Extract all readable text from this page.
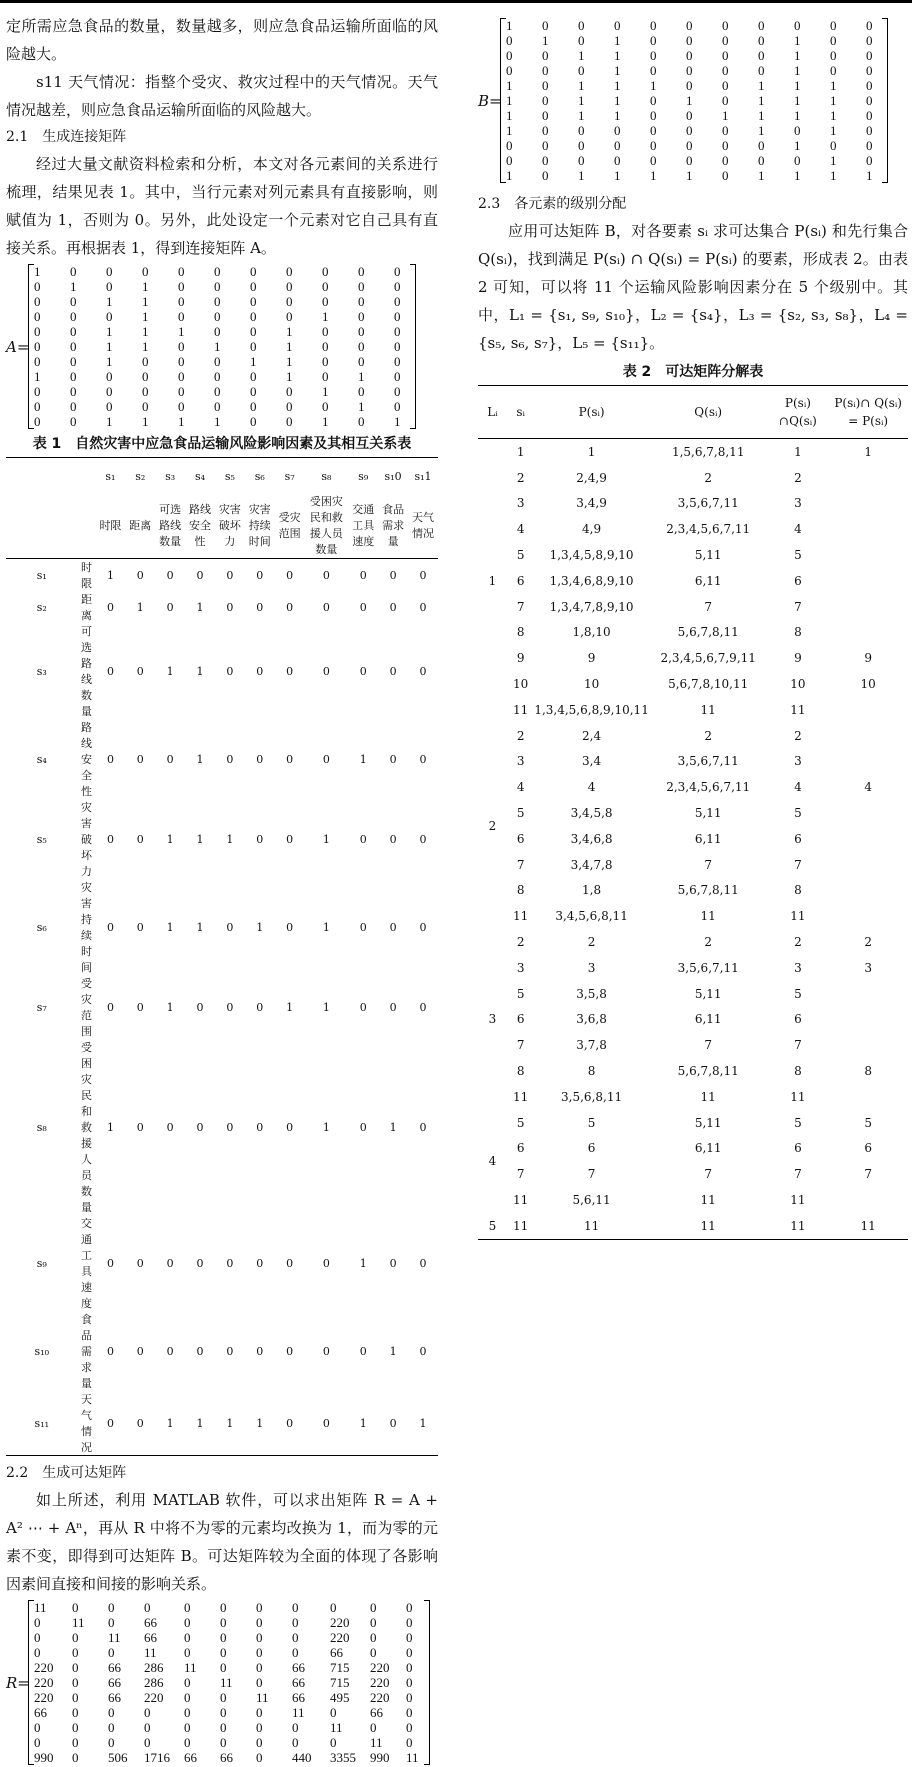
定所需应急食品的数量，数量越多，则应急食品运输所面临的风险越大。

s11 天气情况：指整个受灾、救灾过程中的天气情况。天气情况越差，则应急食品运输所面临的风险越大。

2.1　生成连接矩阵

经过大量文献资料检索和分析，本文对各元素间的关系进行梳理，结果见表 1。其中，当行元素对列元素具有直接影响，则赋值为 1，否则为 0。另外，此处设定一个元素对它自己具有直接关系。再根据表 1，得到连接矩阵 A。

A=
1	0	0	0	0	0	0	0	0	0	0
0	1	0	1	0	0	0	0	0	0	0
0	0	1	1	0	0	0	0	0	0	0
0	0	0	1	0	0	0	0	1	0	0
0	0	1	1	1	0	0	1	0	0	0
0	0	1	1	0	1	0	1	0	0	0
0	0	1	0	0	0	1	1	0	0	0
1	0	0	0	0	0	0	1	0	1	0
0	0	0	0	0	0	0	0	1	0	0
0	0	0	0	0	0	0	0	0	1	0
0	0	1	1	1	1	0	0	1	0	1
表 1　自然灾害中应急食品运输风险影响因素及其相互关系表
		s₁	s₂	s₃	s₄	s₅	s₆	s₇	s₈	s₉	s₁0	s₁1
		时限	距离	可选路线数量	路线安全性	灾害破坏力	灾害持续时间	受灾范围	受困灾民和救援人员数量	交通工具速度	食品需求量	天气情况
s₁	时限	1	0	0	0	0	0	0	0	0	0	0
s₂	距离	0	1	0	1	0	0	0	0	0	0	0
s₃	可选路线数量	0	0	1	1	0	0	0	0	0	0	0
s₄	路线安全性	0	0	0	1	0	0	0	0	1	0	0
s₅	灾害破坏力	0	0	1	1	1	0	0	1	0	0	0
s₆	灾害持续时间	0	0	1	1	0	1	0	1	0	0	0
s₇	受灾范围	0	0	1	0	0	0	1	1	0	0	0
s₈	受困灾民和救援人员数量	1	0	0	0	0	0	0	1	0	1	0
s₉	交通工具速度	0	0	0	0	0	0	0	0	1	0	0
s₁₀	食品需求量	0	0	0	0	0	0	0	0	0	1	0
s₁₁	天气情况	0	0	1	1	1	1	0	0	1	0	1
2.2　生成可达矩阵

如上所述，利用 MATLAB 软件，可以求出矩阵 R = A + A² ⋯ + Aⁿ，再从 R 中将不为零的元素均改换为 1，而为零的元素不变，即得到可达矩阵 B。可达矩阵较为全面的体现了各影响因素间直接和间接的影响关系。

R=
11	0	0	0	0	0	0	0	0	0	0
0	11	0	66	0	0	0	0	220	0	0
0	0	11	66	0	0	0	0	220	0	0
0	0	0	11	0	0	0	0	66	0	0
220	0	66	286	11	0	0	66	715	220	0
220	0	66	286	0	11	0	66	715	220	0
220	0	66	220	0	0	11	66	495	220	0
66	0	0	0	0	0	0	11	0	66	0
0	0	0	0	0	0	0	0	11	0	0
0	0	0	0	0	0	0	0	0	11	0
990	0	506	1716	66	66	0	440	3355	990	11
B=
1	0	0	0	0	0	0	0	0	0	0
0	1	0	1	0	0	0	0	1	0	0
0	0	1	1	0	0	0	0	1	0	0
0	0	0	1	0	0	0	0	1	0	0
1	0	1	1	1	0	0	1	1	1	0
1	0	1	1	0	1	0	1	1	1	0
1	0	1	1	0	0	1	1	1	1	0
1	0	0	0	0	0	0	1	0	1	0
0	0	0	0	0	0	0	0	1	0	0
0	0	0	0	0	0	0	0	0	1	0
1	0	1	1	1	1	0	1	1	1	1
2.3　各元素的级别分配

应用可达矩阵 B，对各要素 sᵢ 求可达集合 P(sᵢ) 和先行集合 Q(sᵢ)，找到满足 P(sᵢ) ∩ Q(sᵢ) = P(sᵢ) 的要素，形成表 2。由表 2 可知，可以将 11 个运输风险影响因素分在 5 个级别中。其中，L₁ = {s₁, s₉, s₁₀}，L₂ = {s₄}，L₃ = {s₂, s₃, s₈}，L₄ = {s₅, s₆, s₇}，L₅ = {s₁₁}。

表 2　可达矩阵分解表
Lᵢ	sᵢ	P(sᵢ)	Q(sᵢ)	P(sᵢ) ∩Q(sᵢ)	P(sᵢ)∩ Q(sᵢ) = P(sᵢ)
1	1	1	1,5,6,7,8,11	1	1
	2	2,4,9	2	2	
	3	3,4,9	3,5,6,7,11	3	
	4	4,9	2,3,4,5,6,7,11	4	
	5	1,3,4,5,8,9,10	5,11	5	
	6	1,3,4,6,8,9,10	6,11	6	
	7	1,3,4,7,8,9,10	7	7	
	8	1,8,10	5,6,7,8,11	8	
	9	9	2,3,4,5,6,7,9,11	9	9
	10	10	5,6,7,8,10,11	10	10
	11	1,3,4,5,6,8,9,10,11	11	11	
2	2	2,4	2	2	
	3	3,4	3,5,6,7,11	3	
	4	4	2,3,4,5,6,7,11	4	4
	5	3,4,5,8	5,11	5	
	6	3,4,6,8	6,11	6	
	7	3,4,7,8	7	7	
	8	1,8	5,6,7,8,11	8	
	11	3,4,5,6,8,11	11	11	
3	2	2	2	2	2
	3	3	3,5,6,7,11	3	3
	5	3,5,8	5,11	5	
	6	3,6,8	6,11	6	
	7	3,7,8	7	7	
	8	8	5,6,7,8,11	8	8
	11	3,5,6,8,11	11	11	
4	5	5	5,11	5	5
	6	6	6,11	6	6
	7	7	7	7	7
	11	5,6,11	11	11	
5	11	11	11	11	11
